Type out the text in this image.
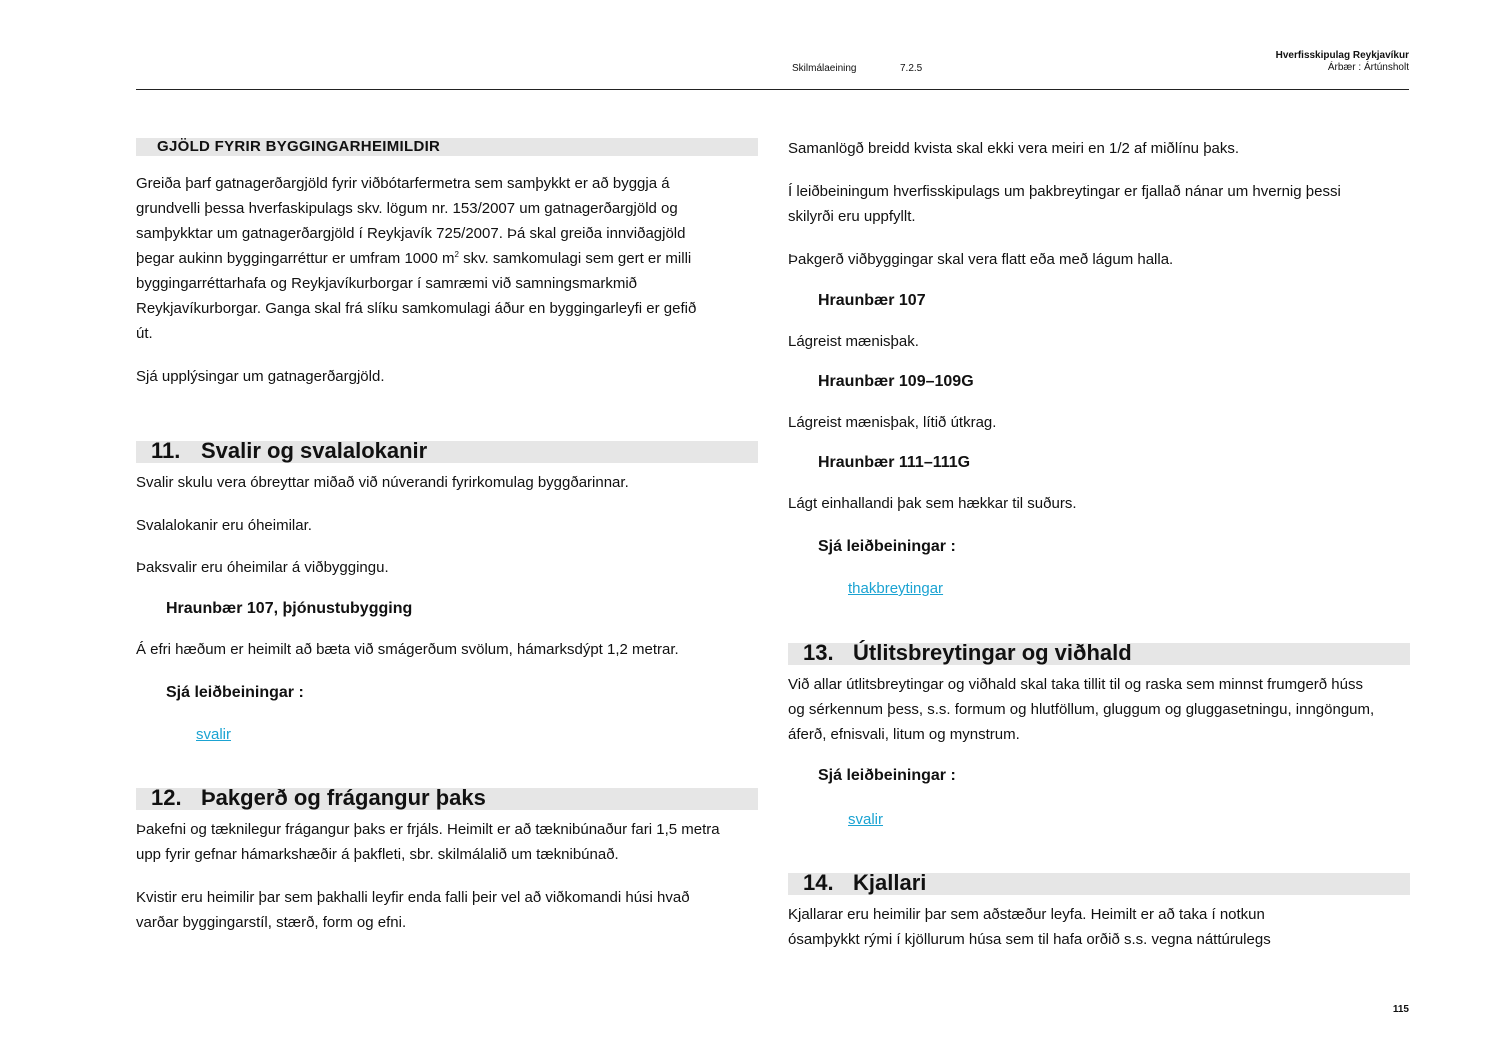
Skilmálaeining	7.2.5
Hverfisskipulag Reykjavíkur
Árbær : Ártúnsholt
GJÖLD FYRIR BYGGINGARHEIMILDIR

Greiða þarf gatnagerðargjöld fyrir viðbótarfermetra sem samþykkt er að byggja á grundvelli þessa hverfaskipulags skv. lögum nr. 153/2007 um gatnagerðargjöld og samþykktar um gatnagerðargjöld í Reykjavík 725/2007. Þá skal greiða innviðagjöld þegar aukinn byggingarréttur er umfram 1000 $m^2$ skv. samkomulagi sem gert er milli byggingarréttarhafa og Reykjavíkurborgar í samræmi við samningsmarkmið Reykjavíkurborgar. Ganga skal frá slíku samkomulagi áður en byggingarleyfi er gefið út.

Sjá upplýsingar um gatnagerðargjöld.

11. Svalir og svalalokanir

Svalir skulu vera óbreyttar miðað við núverandi fyrirkomulag byggðarinnar.

Svalalokanir eru óheimilar.

Þaksvalir eru óheimilar á viðbyggingu.

Hraunbær 107, þjónustubygging

Á efri hæðum er heimilt að bæta við smágerðum svölum, hámarksdýpt 1,2 metrar.

Sjá leiðbeiningar :
svalir
12. Þakgerð og frágangur þaks

Þakefni og tæknilegur frágangur þaks er frjáls. Heimilt er að tæknibúnaður fari 1,5 metra upp fyrir gefnar hámarkshæðir á þakfleti, sbr. skilmálalið um tæknibúnað.

Kvistir eru heimilir þar sem þakhalli leyfir enda falli þeir vel að viðkomandi húsi hvað varðar byggingarstíl, stærð, form og efni.

Samanlögð breidd kvista skal ekki vera meiri en 1/2 af miðlínu þaks.

Í leiðbeiningum hverfisskipulags um þakbreytingar er fjallað nánar um hvernig þessi skilyrði eru uppfyllt.

Þakgerð viðbyggingar skal vera flatt eða með lágum halla.

Hraunbær 107

Lágreist mænisþak.

Hraunbær 109–109G

Lágreist mænisþak, lítið útkrag.

Hraunbær 111–111G

Lágt einhallandi þak sem hækkar til suðurs.

Sjá leiðbeiningar :
thakbreytingar
13. Útlitsbreytingar og viðhald

Við allar útlitsbreytingar og viðhald skal taka tillit til og raska sem minnst frumgerð húss og sérkennum þess, s.s. formum og hlutföllum, gluggum og gluggasetningu, inngöngum, áferð, efnisvali, litum og mynstrum.

Sjá leiðbeiningar :
svalir
14. Kjallari

Kjallarar eru heimilir þar sem aðstæður leyfa. Heimilt er að taka í notkun ósamþykkt rými í kjöllurum húsa sem til hafa orðið s.s. vegna náttúrulegs

115
